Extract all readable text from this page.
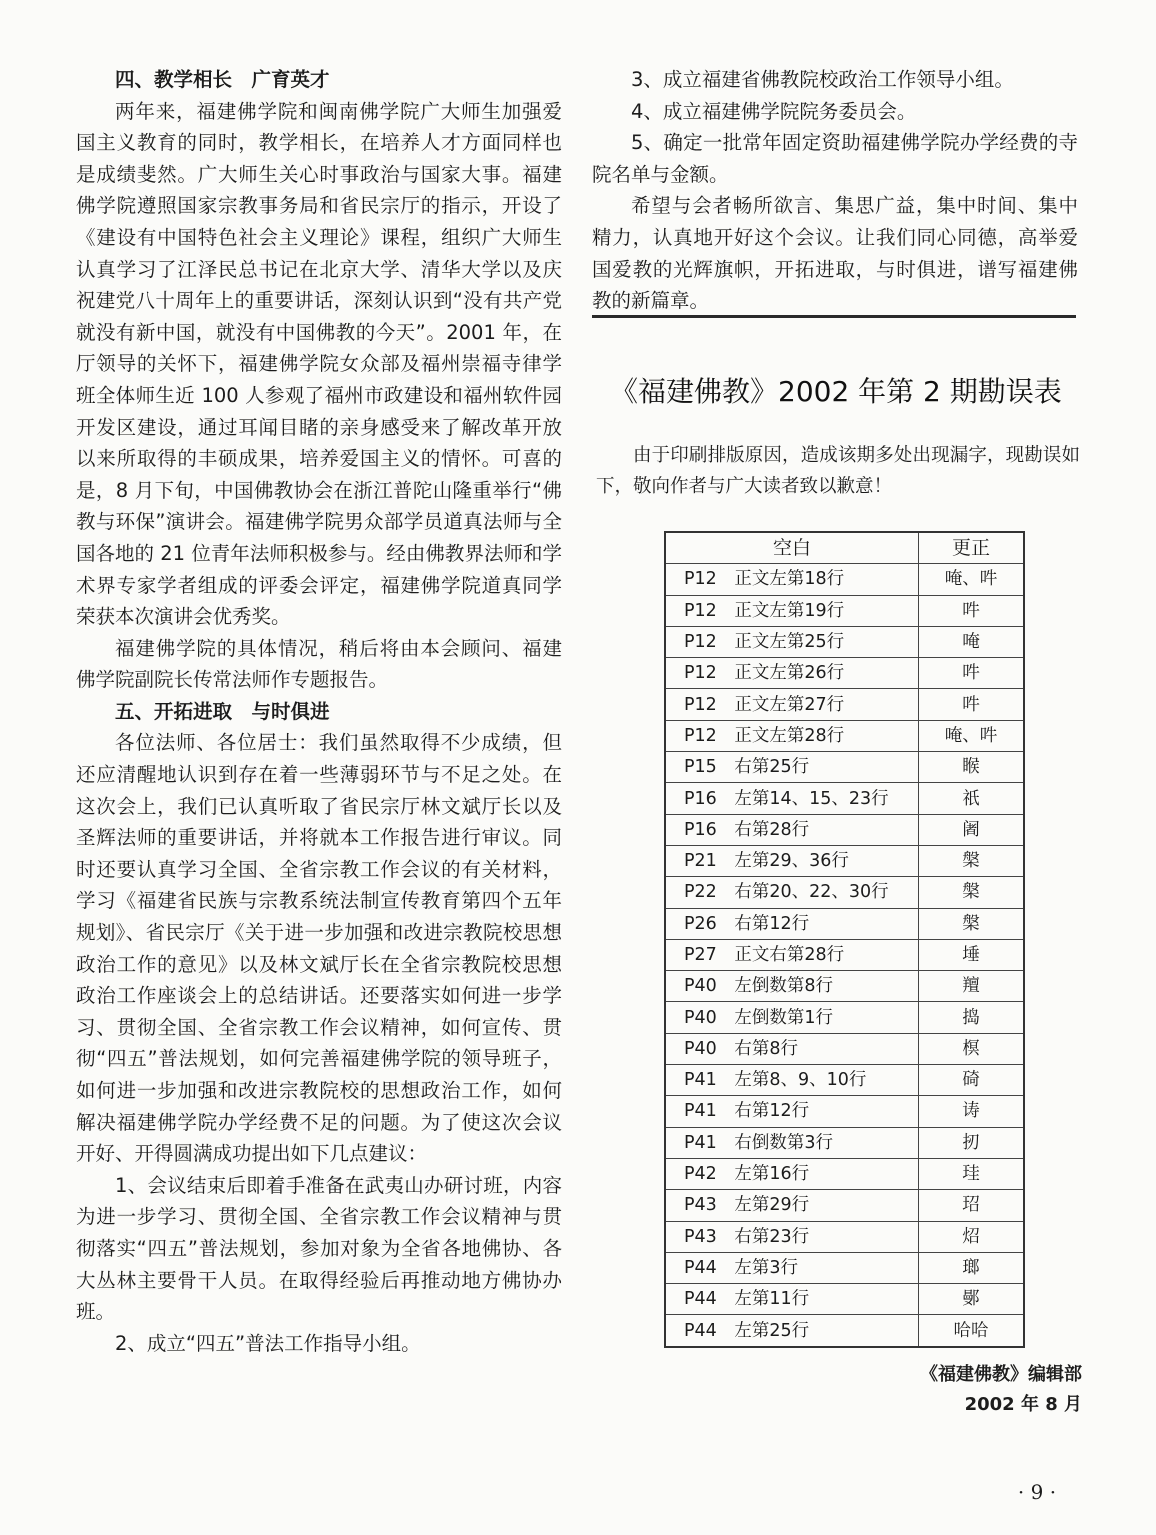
四、教学相长　广育英才

两年来，福建佛学院和闽南佛学院广大师生加强爱国主义教育的同时，教学相长，在培养人才方面同样也是成绩斐然。广大师生关心时事政治与国家大事。福建佛学院遵照国家宗教事务局和省民宗厅的指示，开设了《建设有中国特色社会主义理论》课程，组织广大师生认真学习了江泽民总书记在北京大学、清华大学以及庆祝建党八十周年上的重要讲话，深刻认识到“没有共产党就没有新中国，就没有中国佛教的今天”。2001 年，在厅领导的关怀下，福建佛学院女众部及福州崇福寺律学班全体师生近 100 人参观了福州市政建设和福州软件园开发区建设，通过耳闻目睹的亲身感受来了解改革开放以来所取得的丰硕成果，培养爱国主义的情怀。可喜的是，8 月下旬，中国佛教协会在浙江普陀山隆重举行“佛教与环保”演讲会。福建佛学院男众部学员道真法师与全国各地的 21 位青年法师积极参与。经由佛教界法师和学术界专家学者组成的评委会评定，福建佛学院道真同学荣获本次演讲会优秀奖。

福建佛学院的具体情况，稍后将由本会顾问、福建佛学院副院长传常法师作专题报告。

五、开拓进取　与时俱进

各位法师、各位居士：我们虽然取得不少成绩，但还应清醒地认识到存在着一些薄弱环节与不足之处。在这次会上，我们已认真听取了省民宗厅林文斌厅长以及圣辉法师的重要讲话，并将就本工作报告进行审议。同时还要认真学习全国、全省宗教工作会议的有关材料，学习《福建省民族与宗教系统法制宣传教育第四个五年规划》、省民宗厅《关于进一步加强和改进宗教院校思想政治工作的意见》以及林文斌厅长在全省宗教院校思想政治工作座谈会上的总结讲话。还要落实如何进一步学习、贯彻全国、全省宗教工作会议精神，如何宣传、贯彻“四五”普法规划，如何完善福建佛学院的领导班子，如何进一步加强和改进宗教院校的思想政治工作，如何解决福建佛学院办学经费不足的问题。为了使这次会议开好、开得圆满成功提出如下几点建议：

1、会议结束后即着手准备在武夷山办研讨班，内容为进一步学习、贯彻全国、全省宗教工作会议精神与贯彻落实“四五”普法规划，参加对象为全省各地佛协、各大丛林主要骨干人员。在取得经验后再推动地方佛协办班。

2、成立“四五”普法工作指导小组。

3、成立福建省佛教院校政治工作领导小组。

4、成立福建佛学院院务委员会。

5、确定一批常年固定资助福建佛学院办学经费的寺院名单与金额。

希望与会者畅所欲言、集思广益，集中时间、集中精力，认真地开好这个会议。让我们同心同德，高举爱国爱教的光辉旗帜，开拓进取，与时俱进，谱写福建佛教的新篇章。

《福建佛教》2002 年第 2 期勘误表

由于印刷排版原因，造成该期多处出现漏字，现勘误如下，敬向作者与广大读者致以歉意！

空白	更正
P12　正文左第18行	唵、吽
P12　正文左第19行	吽
P12　正文左第25行	唵
P12　正文左第26行	吽
P12　正文左第27行	吽
P12　正文左第28行	唵、吽
P15　右第25行	睺
P16　左第14、15、23行	祇
P16　右第28行	阇
P21　左第29、36行	槃
P22　右第20、22、30行	槃
P26　右第12行	槃
P27　正文右第28行	埵
P40　左倒数第8行	羶
P40　左倒数第1行	捣
P40　右第8行	榠
P41　左第8、9、10行	碕
P41　右第12行	诪
P41　右倒数第3行	扨
P42　左第16行	珪
P43　左第29行	玿
P43　右第23行	炤
P44　左第3行	瑯
P44　左第11行	鄤
P44　左第25行	哈哈
《福建佛教》编辑部
2002 年 8 月
· 9 ·
